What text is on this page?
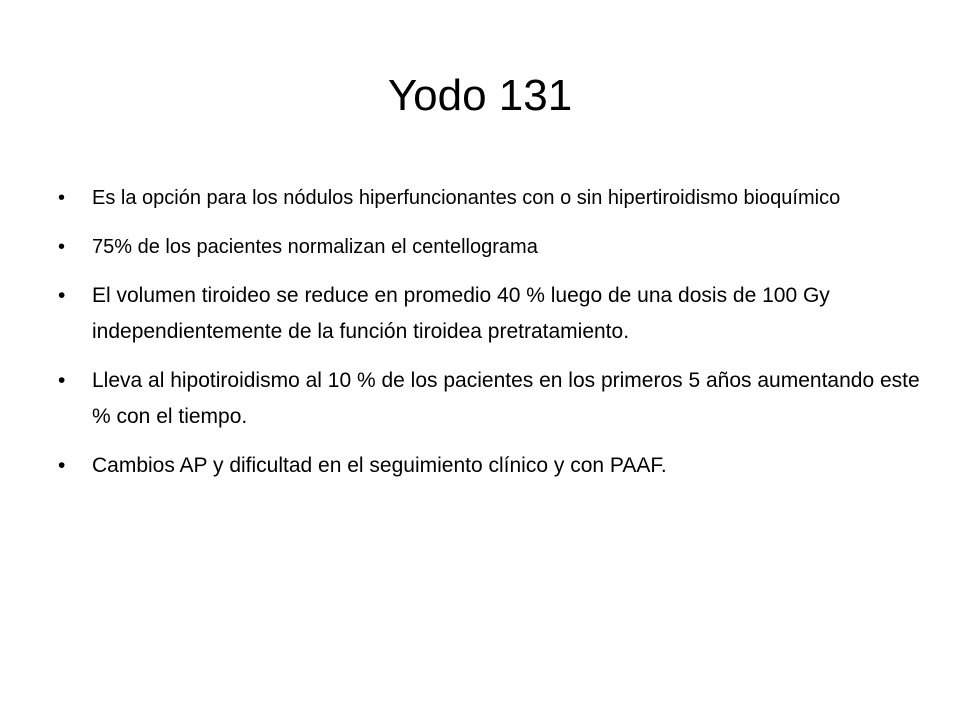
Yodo 131
•	Es la opción para los nódulos hiperfuncionantes con o sin hipertiroidismo bioquímico
•	75% de los pacientes normalizan el centellograma
•	El volumen tiroideo se reduce en promedio 40 % luego de una dosis de 100 Gy independientemente de la función tiroidea pretratamiento.
•	Lleva al hipotiroidismo al 10 % de los pacientes en los primeros 5 años aumentando este % con el tiempo.
•	Cambios AP y dificultad en el seguimiento clínico y con PAAF.
